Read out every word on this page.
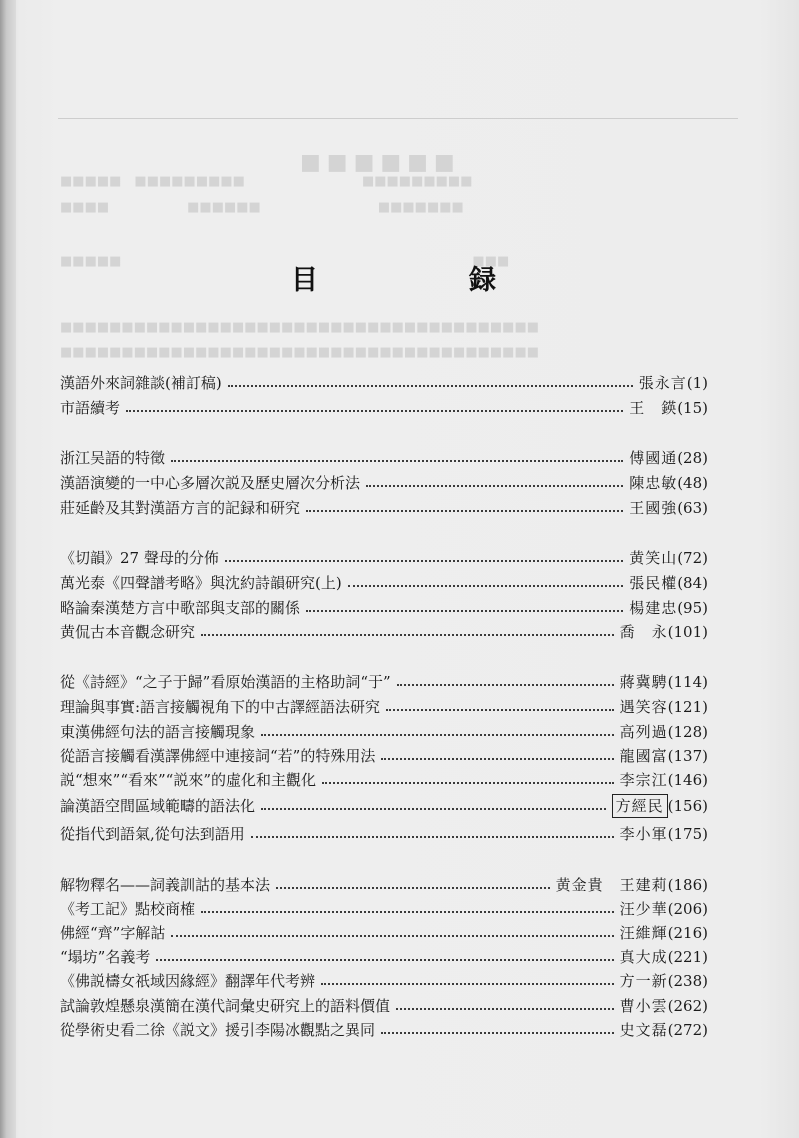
■■■■■■
■■■■■　■■■■■■■■■　　　　　　　　　■■■■■■■■■
■■■■　　　　　　■■■■■■　　　　　　　　　■■■■■■■
■■■■■　　　　　　　　　　　　　　　　　　　　　　　　　　　■■■
■■■■■■■■■■■■■■■■■■■■■■■■■■■■■■■■■■■■■■■
■■■■■■■■■■■■■■■■■■■■■■■■■■■■■■■■■■■■■■■
目　録
漢語外來詞雜談(補訂稿)	張永言 (1)
市語續考	王　鍈 (15)
浙江吴語的特徵	傅國通 (28)
漢語演變的一中心多層次説及歷史層次分析法	陳忠敏 (48)
莊延齡及其對漢語方言的記録和研究	王國強 (63)
《切韻》27 聲母的分佈	黄笑山 (72)
萬光泰《四聲譜考略》與沈約詩韻研究(上)	張民權 (84)
略論秦漢楚方言中歌部與支部的關係	楊建忠 (95)
黄侃古本音觀念研究	喬　永 (101)
從《詩經》“之子于歸”看原始漢語的主格助詞“于”	蔣冀騁 (114)
理論與事實:語言接觸視角下的中古譯經語法研究	遇笑容 (121)
東漢佛經句法的語言接觸現象	高列過 (128)
從語言接觸看漢譯佛經中連接詞“若”的特殊用法	龍國富 (137)
説“想來”“看來”“説來”的虛化和主觀化	李宗江 (146)
論漢語空間區域範疇的語法化	方經民 (156)
從指代到語氣,從句法到語用	李小軍 (175)
解物釋名——詞義訓詁的基本法	黄金貴　王建莉 (186)
《考工記》點校商榷	汪少華 (206)
佛經“齊”字解詁	汪維輝 (216)
“塌坊”名義考	真大成 (221)
《佛説檮女祇域因緣經》翻譯年代考辨	方一新 (238)
試論敦煌懸泉漢簡在漢代詞彙史研究上的語料價值	曹小雲 (262)
從學術史看二徐《説文》援引李陽冰觀點之異同	史文磊 (272)
